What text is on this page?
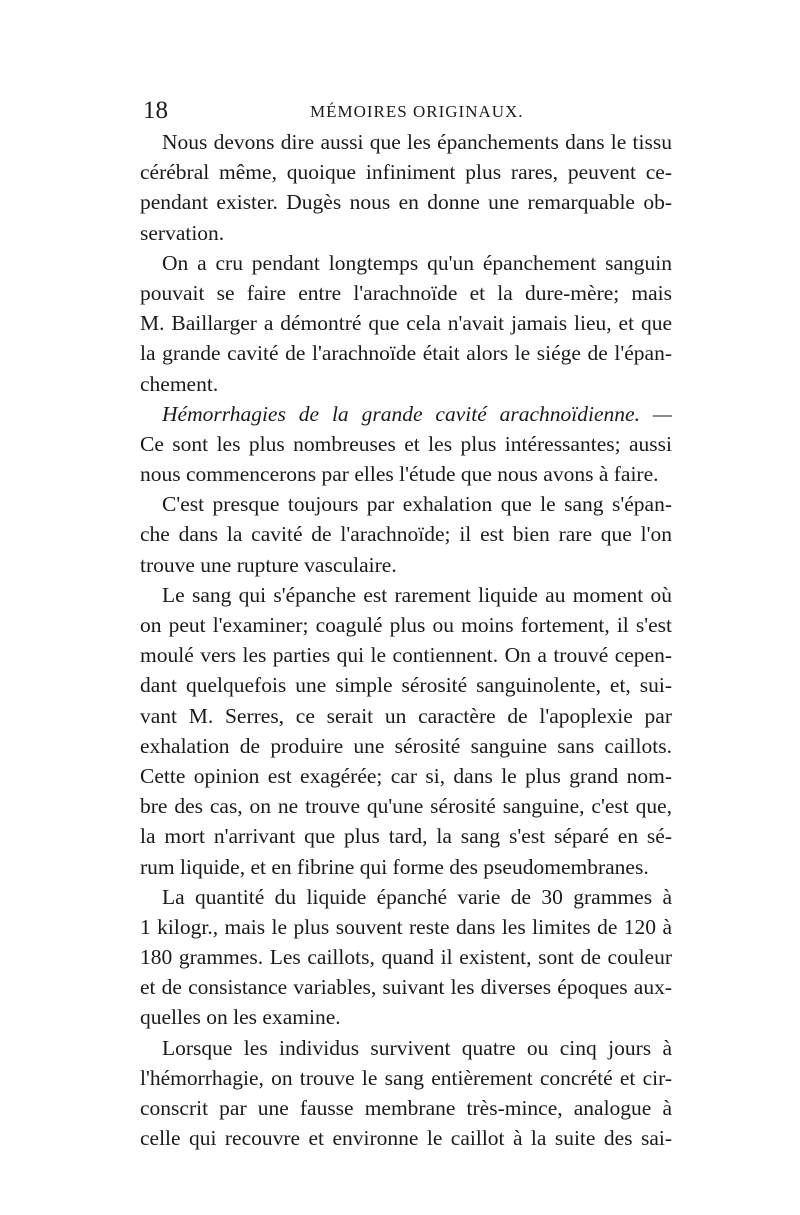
18	MÉMOIRES ORIGINAUX.
Nous devons dire aussi que les épanchements dans le tissu
cérébral même, quoique infiniment plus rares, peuvent ce-
pendant exister. Dugès nous en donne une remarquable ob-
servation.
On a cru pendant longtemps qu'un épanchement sanguin
pouvait se faire entre l'arachnoïde et la dure-mère; mais
M. Baillarger a démontré que cela n'avait jamais lieu, et que
la grande cavité de l'arachnoïde était alors le siége de l'épan-
chement.
Hémorrhagies de la grande cavité arachnoïdienne. —
Ce sont les plus nombreuses et les plus intéressantes; aussi
nous commencerons par elles l'étude que nous avons à faire.
C'est presque toujours par exhalation que le sang s'épan-
che dans la cavité de l'arachnoïde; il est bien rare que l'on
trouve une rupture vasculaire.
Le sang qui s'épanche est rarement liquide au moment où
on peut l'examiner; coagulé plus ou moins fortement, il s'est
moulé vers les parties qui le contiennent. On a trouvé cepen-
dant quelquefois une simple sérosité sanguinolente, et, sui-
vant M. Serres, ce serait un caractère de l'apoplexie par
exhalation de produire une sérosité sanguine sans caillots.
Cette opinion est exagérée; car si, dans le plus grand nom-
bre des cas, on ne trouve qu'une sérosité sanguine, c'est que,
la mort n'arrivant que plus tard, la sang s'est séparé en sé-
rum liquide, et en fibrine qui forme des pseudomembranes.
La quantité du liquide épanché varie de 30 grammes à
1 kilogr., mais le plus souvent reste dans les limites de 120 à
180 grammes. Les caillots, quand il existent, sont de couleur
et de consistance variables, suivant les diverses époques aux-
quelles on les examine.
Lorsque les individus survivent quatre ou cinq jours à
l'hémorrhagie, on trouve le sang entièrement concrété et cir-
conscrit par une fausse membrane très-mince, analogue à
celle qui recouvre et environne le caillot à la suite des sai-
